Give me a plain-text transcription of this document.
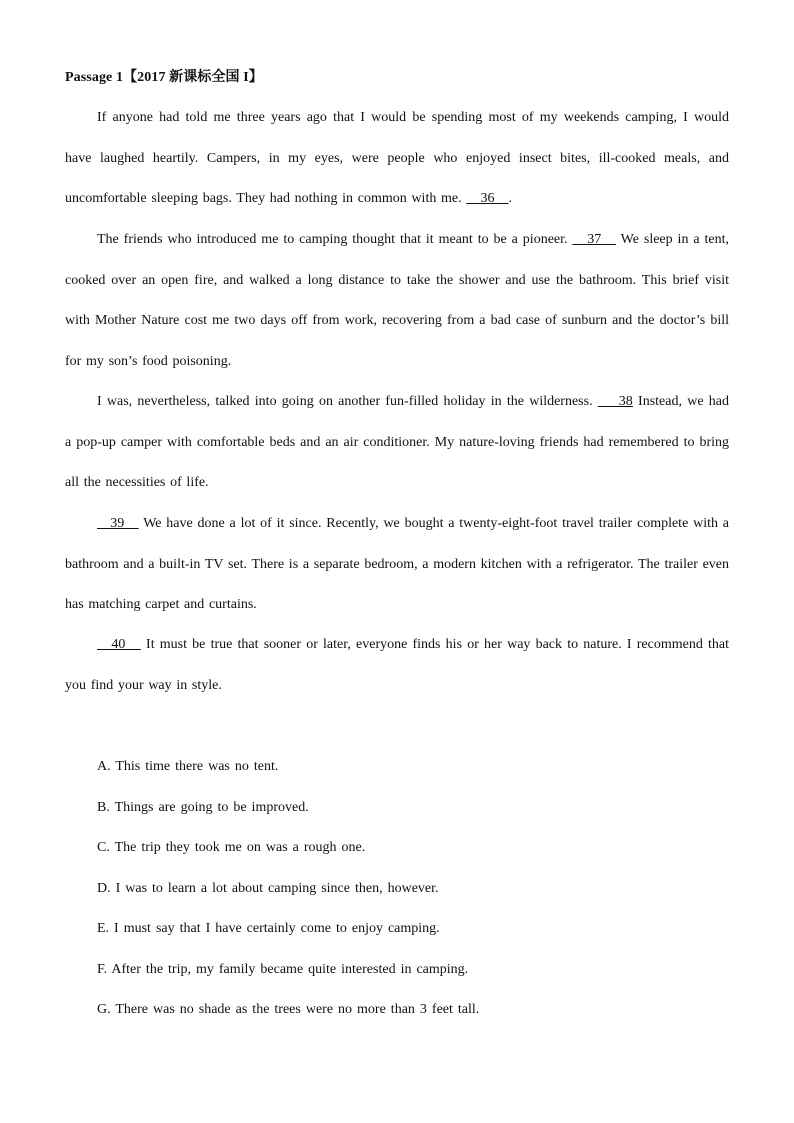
Passage 1【2017 新课标全国 I】

If anyone had told me three years ago that I would be spending most of my weekends camping, I would have laughed heartily. Campers, in my eyes, were people who enjoyed insect bites, ill-cooked meals, and uncomfortable sleeping bags. They had nothing in common with me.    36   .

The friends who introduced me to camping thought that it meant to be a pioneer.    37    We sleep in a tent, cooked over an open fire, and walked a long distance to take the shower and use the bathroom. This brief visit with Mother Nature cost me two days off from work, recovering from a bad case of sunburn and the doctor’s bill for my son’s food poisoning.

I was, nevertheless, talked into going on another fun-filled holiday in the wilderness.     38 Instead, we had a pop-up camper with comfortable beds and an air conditioner. My nature-loving friends had remembered to bring all the necessities of life.

39    We have done a lot of it since. Recently, we bought a twenty-eight-foot travel trailer complete with a bathroom and a built-in TV set. There is a separate bedroom, a modern kitchen with a refrigerator. The trailer even has matching carpet and curtains.

40    It must be true that sooner or later, everyone finds his or her way back to nature. I recommend that you find your way in style.

A. This time there was no tent.
B. Things are going to be improved.
C. The trip they took me on was a rough one.
D. I was to learn a lot about camping since then, however.
E. I must say that I have certainly come to enjoy camping.
F. After the trip, my family became quite interested in camping.
G. There was no shade as the trees were no more than 3 feet tall.
